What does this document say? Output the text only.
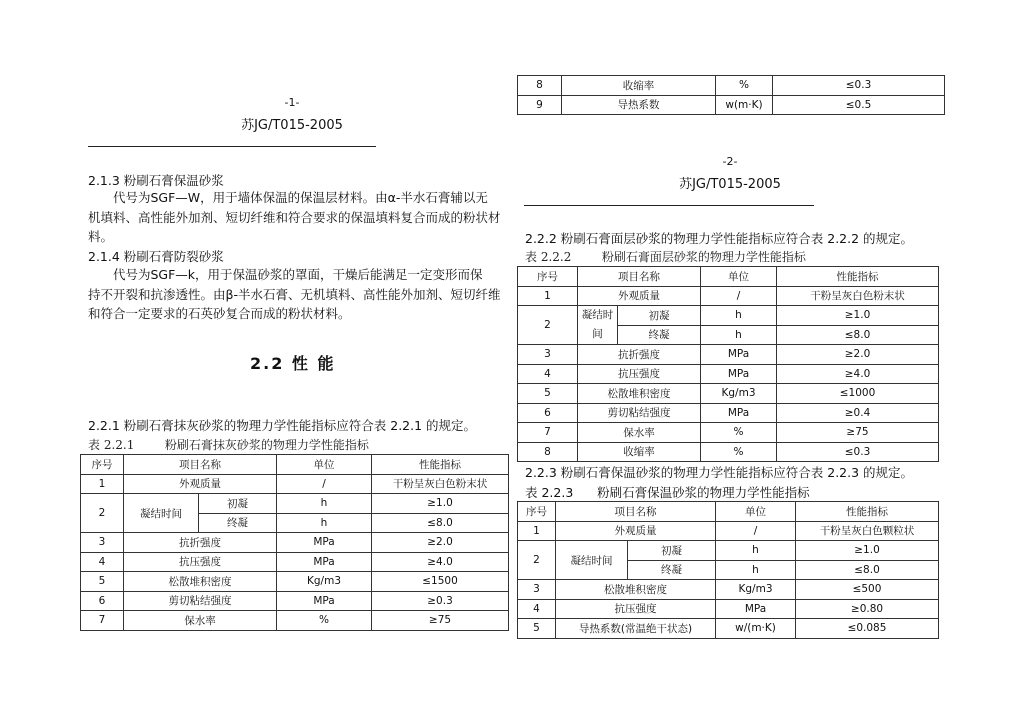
-1-
苏JG/T015-2005
2.1.3 粉刷石膏保温砂浆
代号为SGF—W，用于墙体保温的保温层材料。由α-半水石膏辅以无
机填料、高性能外加剂、短切纤维和符合要求的保温填料复合而成的粉状材
料。
2.1.4 粉刷石膏防裂砂浆
代号为SGF—k，用于保温砂浆的罩面，干燥后能满足一定变形而保
持不开裂和抗渗透性。由β-半水石膏、无机填料、高性能外加剂、短切纤维
和符合一定要求的石英砂复合而成的粉状材料。
2.2 性 能
2.2.1 粉刷石膏抹灰砂浆的物理力学性能指标应符合表 2.2.1 的规定。
表 2.2.1        粉刷石膏抹灰砂浆的物理力学性能指标
序号	项目名称		单位	性能指标
1	外观质量		/	干粉呈灰白色粉末状
2	凝结时间	初凝	h	≥1.0
		终凝	h	≤8.0
3	抗折强度		MPa	≥2.0
4	抗压强度		MPa	≥4.0
5	松散堆积密度		Kg/m3	≤1500
6	剪切粘结强度		MPa	≥0.3
7	保水率		%	≥75
8	收缩率	%	≤0.3
9	导热系数	w(m·K)	≤0.5
-2-
苏JG/T015-2005
2.2.2 粉刷石膏面层砂浆的物理力学性能指标应符合表 2.2.2 的规定。
表 2.2.2        粉刷石膏面层砂浆的物理力学性能指标
序号	项目名称		单位	性能指标
1	外观质量		/	干粉呈灰白色粉末状
2	凝结时间	初凝	h	≥1.0
		终凝	h	≤8.0
3	抗折强度		MPa	≥2.0
4	抗压强度		MPa	≥4.0
5	松散堆积密度		Kg/m3	≤1000
6	剪切粘结强度		MPa	≥0.4
7	保水率		%	≥75
8	收缩率		%	≤0.3
2.2.3 粉刷石膏保温砂浆的物理力学性能指标应符合表 2.2.3 的规定。
表 2.2.3      粉刷石膏保温砂浆的物理力学性能指标
序号	项目名称		单位	性能指标
1	外观质量		/	干粉呈灰白色颗粒状
2	凝结时间	初凝	h	≥1.0
		终凝	h	≤8.0
3	松散堆积密度		Kg/m3	≤500
4	抗压强度		MPa	≥0.80
5	导热系数(常温绝干状态)		w/(m·K)	≤0.085
